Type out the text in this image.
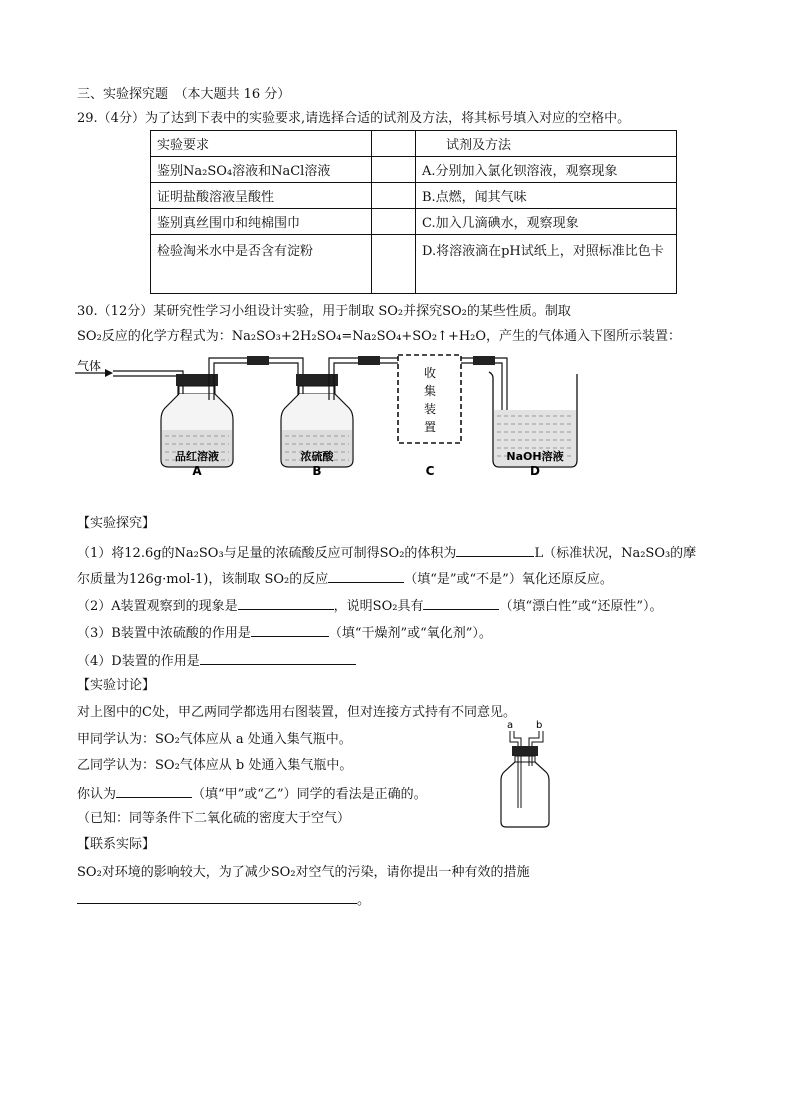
三、实验探究题　（本大题共 16 分）
29.（4分）为了达到下表中的实验要求,请选择合适的试剂及方法，将其标号填入对应的空格中。
实验要求		试剂及方法
鉴别Na₂SO₄溶液和NaCl溶液		A.分别加入氯化钡溶液，观察现象
证明盐酸溶液呈酸性		B.点燃，闻其气味
鉴别真丝围巾和纯棉围巾		C.加入几滴碘水，观察现象
检验淘米水中是否含有淀粉		D.将溶液滴在pH试纸上，对照标准比色卡
30.（12分）某研究性学习小组设计实验，用于制取 SO₂并探究SO₂的某些性质。制取
SO₂反应的化学方程式为：Na₂SO₃+2H₂SO₄=Na₂SO₄+SO₂↑+H₂O，产生的气体通入下图所示装置：
气体	收
集
装
置
品红溶液	浓硫酸	NaOH溶液
A	B	C	D
【实验探究】
（1）将12.6g的Na₂SO₃与足量的浓硫酸反应可制得SO₂的体积为	L（标准状况，Na₂SO₃的摩
尔质量为126g·mol-1)，该制取 SO₂的反应	（填“是”或“不是”）氧化还原反应。
（2）A装置观察到的现象是	，说明SO₂具有	（填“漂白性”或“还原性”）。
（3）B装置中浓硫酸的作用是	（填“干燥剂”或“氧化剂”）。
（4）D装置的作用是
【实验讨论】
对上图中的C处，甲乙两同学都选用右图装置，但对连接方式持有不同意见。
甲同学认为：SO₂气体应从 a 处通入集气瓶中。
乙同学认为：SO₂气体应从 b 处通入集气瓶中。
你认为	（填“甲”或“乙”）同学的看法是正确的。
（已知：同等条件下二氧化硫的密度大于空气）
a b
【联系实际】
SO₂对环境的影响较大，为了减少SO₂对空气的污染，请你提出一种有效的措施
。
